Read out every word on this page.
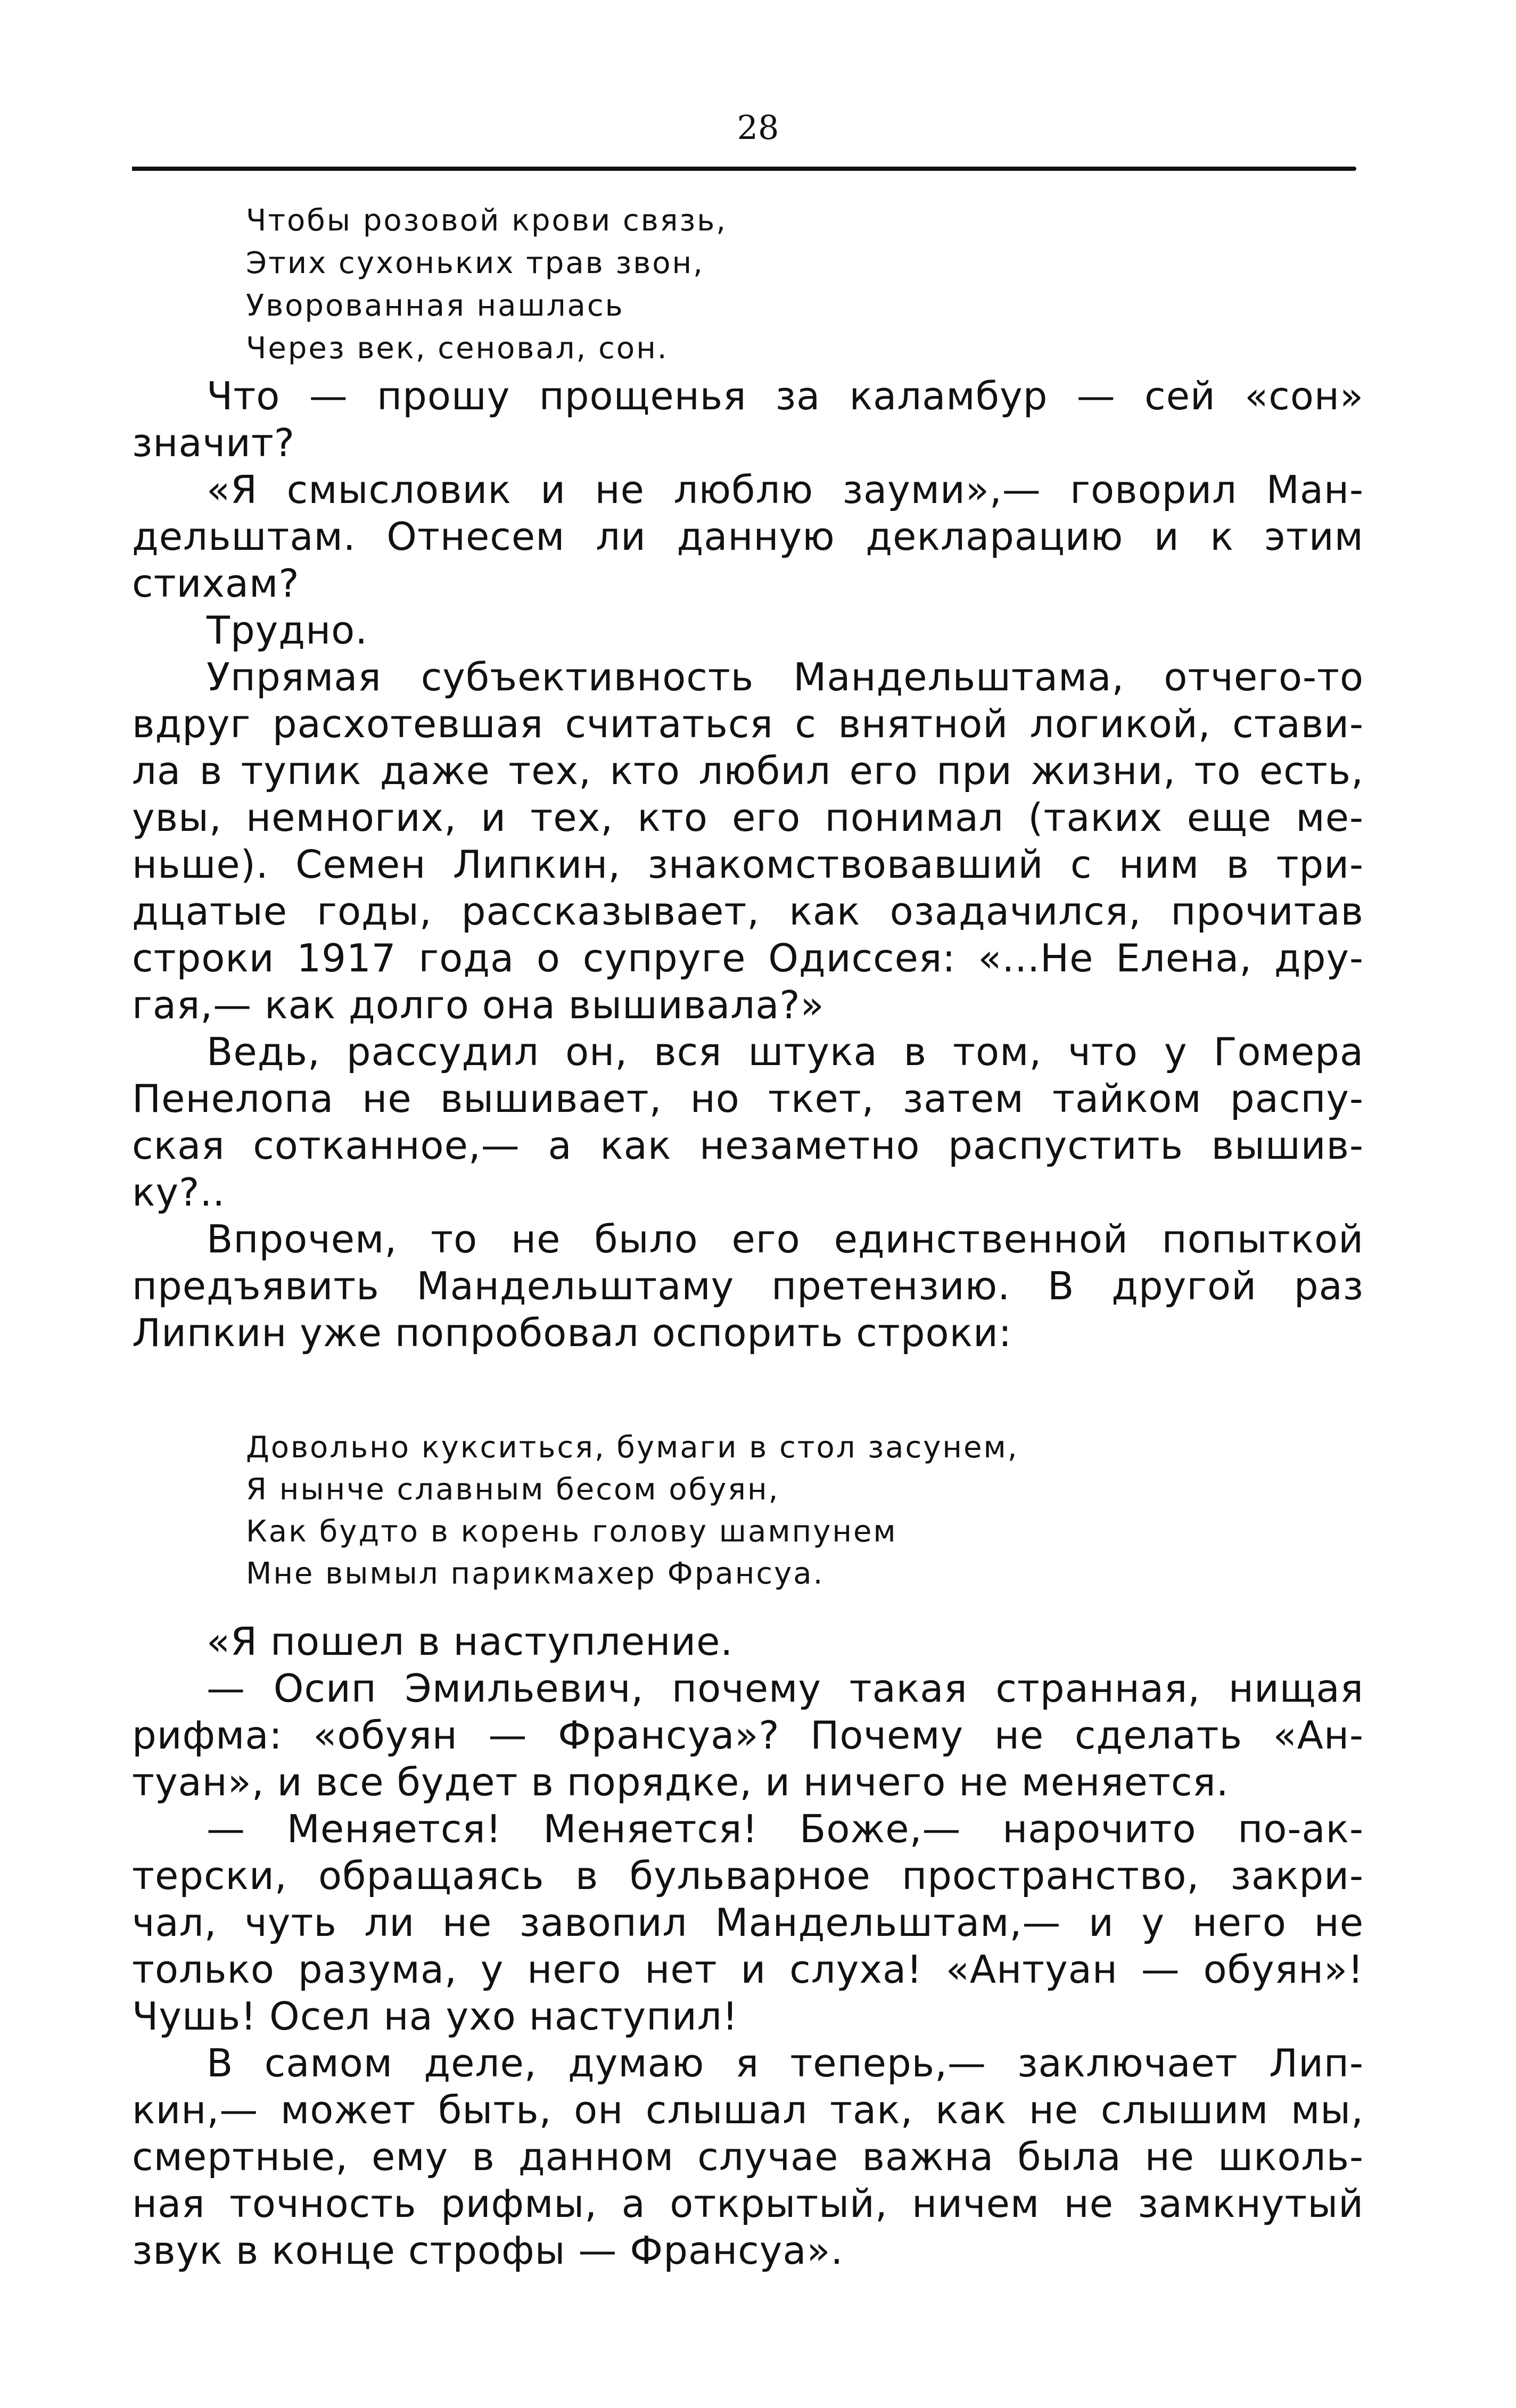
28
Чтобы розовой крови связь,
Этих сухоньких трав звон,
Уворованная нашлась
Через век, сеновал, сон.
Что — прошу прощенья за каламбур — сей «сон»
значит?
«Я смысловик и не люблю зауми»,— говорил Ман-
дельштам. Отнесем ли данную декларацию и к этим
стихам?
Трудно.
Упрямая субъективность Мандельштама, отчего-то
вдруг расхотевшая считаться с внятной логикой, стави-
ла в тупик даже тех, кто любил его при жизни, то есть,
увы, немногих, и тех, кто его понимал (таких еще ме-
ньше). Семен Липкин, знакомствовавший с ним в три-
дцатые годы, рассказывает, как озадачился, прочитав
строки 1917 года о супруге Одиссея: «...Не Елена, дру-
гая,— как долго она вышивала?»
Ведь, рассудил он, вся штука в том, что у Гомера
Пенелопа не вышивает, но ткет, затем тайком распу-
ская сотканное,— а как незаметно распустить вышив-
ку?..
Впрочем, то не было его единственной попыткой
предъявить Мандельштаму претензию. В другой раз
Липкин уже попробовал оспорить строки:
Довольно кукситься, бумаги в стол засунем,
Я нынче славным бесом обуян,
Как будто в корень голову шампунем
Мне вымыл парикмахер Франсуа.
«Я пошел в наступление.
— Осип Эмильевич, почему такая странная, нищая
рифма: «обуян — Франсуа»? Почему не сделать «Ан-
туан», и все будет в порядке, и ничего не меняется.
— Меняется! Меняется! Боже,— нарочито по-ак-
терски, обращаясь в бульварное пространство, закри-
чал, чуть ли не завопил Мандельштам,— и у него не
только разума, у него нет и слуха! «Антуан — обуян»!
Чушь! Осел на ухо наступил!
В самом деле, думаю я теперь,— заключает Лип-
кин,— может быть, он слышал так, как не слышим мы,
смертные, ему в данном случае важна была не школь-
ная точность рифмы, а открытый, ничем не замкнутый
звук в конце строфы — Франсуа».
